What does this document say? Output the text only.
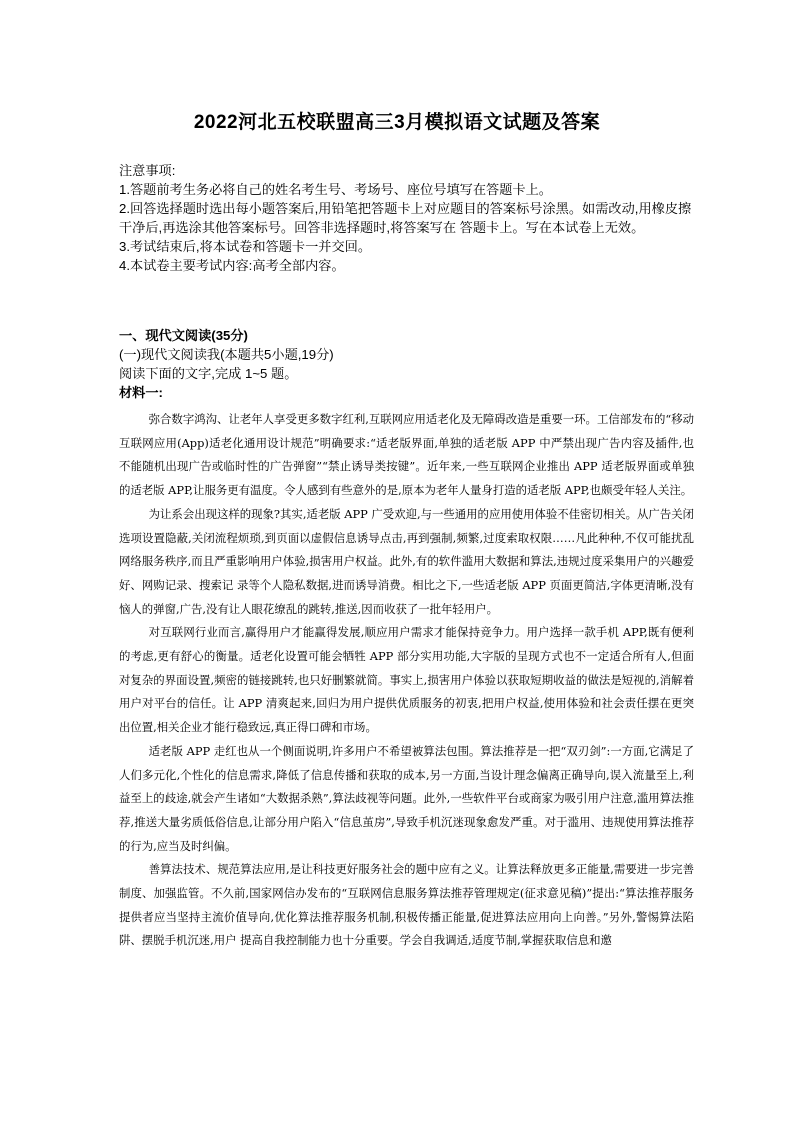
2022河北五校联盟高三3月模拟语文试题及答案

注意事项:

1.答题前考生务必将自己的姓名考生号、考场号、座位号填写在答题卡上。

2.回答选择题时选出每小题答案后,用铅笔把答题卡上对应题目的答案标号涂黑。如需改动,用橡皮擦干净后,再选涂其他答案标号。回答非选择题时,将答案写在 答题卡上。写在本试卷上无效。

3.考试结束后,将本试卷和答题卡一并交回。

4.本试卷主要考试内容:高考全部内容。

一、现代文阅读(35分)

(一)现代文阅读我(本题共5小题,19分)

阅读下面的文字,完成 1~5 题。

材料一:

弥合数字鸿沟、让老年人享受更多数字红利,互联网应用适老化及无障碍改造是重要一环。工信部发布的“移动互联网应用(App)适老化通用设计规范”明确要求:“适老版界面,单独的适老版 APP 中严禁出现广告内容及插件,也不能随机出现广告或临时性的广告弹窗”“禁止诱导类按键”。近年来,一些互联网企业推出 APP 适老版界面或单独的适老版 APP,让服务更有温度。令人感到有些意外的是,原本为老年人量身打造的适老版 APP,也颇受年轻人关注。

为让系会出现这样的现象?其实,适老版 APP 广受欢迎,与一些通用的应用使用体验不佳密切相关。从广告关闭选项设置隐蔽,关闭流程烦琐,到页面以虚假信息诱导点击,再到强制,频繁,过度索取权限……凡此种种,不仅可能扰乱网络服务秩序,而且严重影响用户体验,损害用户权益。此外,有的软件滥用大数据和算法,违规过度采集用户的兴趣爱好、网购记录、搜索记 录等个人隐私数据,进而诱导消费。相比之下,一些适老版 APP 页面更简洁,字体更清晰,没有恼人的弹窗,广告,没有让人眼花缭乱的跳转,推送,因而收获了一批年轻用户。

对互联网行业而言,赢得用户才能赢得发展,顺应用户需求才能保持竞争力。用户选择一款手机 APP,既有便利的考虑,更有舒心的衡量。适老化设置可能会牺牲 APP 部分实用功能,大字版的呈现方式也不一定适合所有人,但面对复杂的界面设置,频密的链接跳转,也只好删繁就简。事实上,损害用户体验以获取短期收益的做法是短视的,消解着用户对平台的信任。让 APP 清爽起来,回归为用户提供优质服务的初衷,把用户权益,使用体验和社会责任摆在更突出位置,相关企业才能行稳致远,真正得口碑和市场。

适老版 APP 走红也从一个侧面说明,许多用户不希望被算法包围。算法推荐是一把“双刃剑”:一方面,它满足了人们多元化,个性化的信息需求,降低了信息传播和获取的成本,另一方面,当设计理念偏离正确导向,误入流量至上,利益至上的歧途,就会产生诸如“大数据杀熟”,算法歧视等问题。此外,一些软件平台或商家为吸引用户注意,滥用算法推荐,推送大量劣质低俗信息,让部分用户陷入“信息茧房”,导致手机沉迷现象愈发严重。对于滥用、违规使用算法推荐的行为,应当及时纠偏。

善算法技术、规范算法应用,是让科技更好服务社会的题中应有之义。让算法释放更多正能量,需要进一步完善制度、加强监管。不久前,国家网信办发布的“互联网信息服务算法推荐管理规定(征求意见稿)”提出:“算法推荐服务提供者应当坚持主流价值导向,优化算法推荐服务机制,积极传播正能量,促进算法应用向上向善。”另外,警惕算法陷阱、摆脱手机沉迷,用户 提高自我控制能力也十分重要。学会自我调适,适度节制,掌握获取信息和邀
